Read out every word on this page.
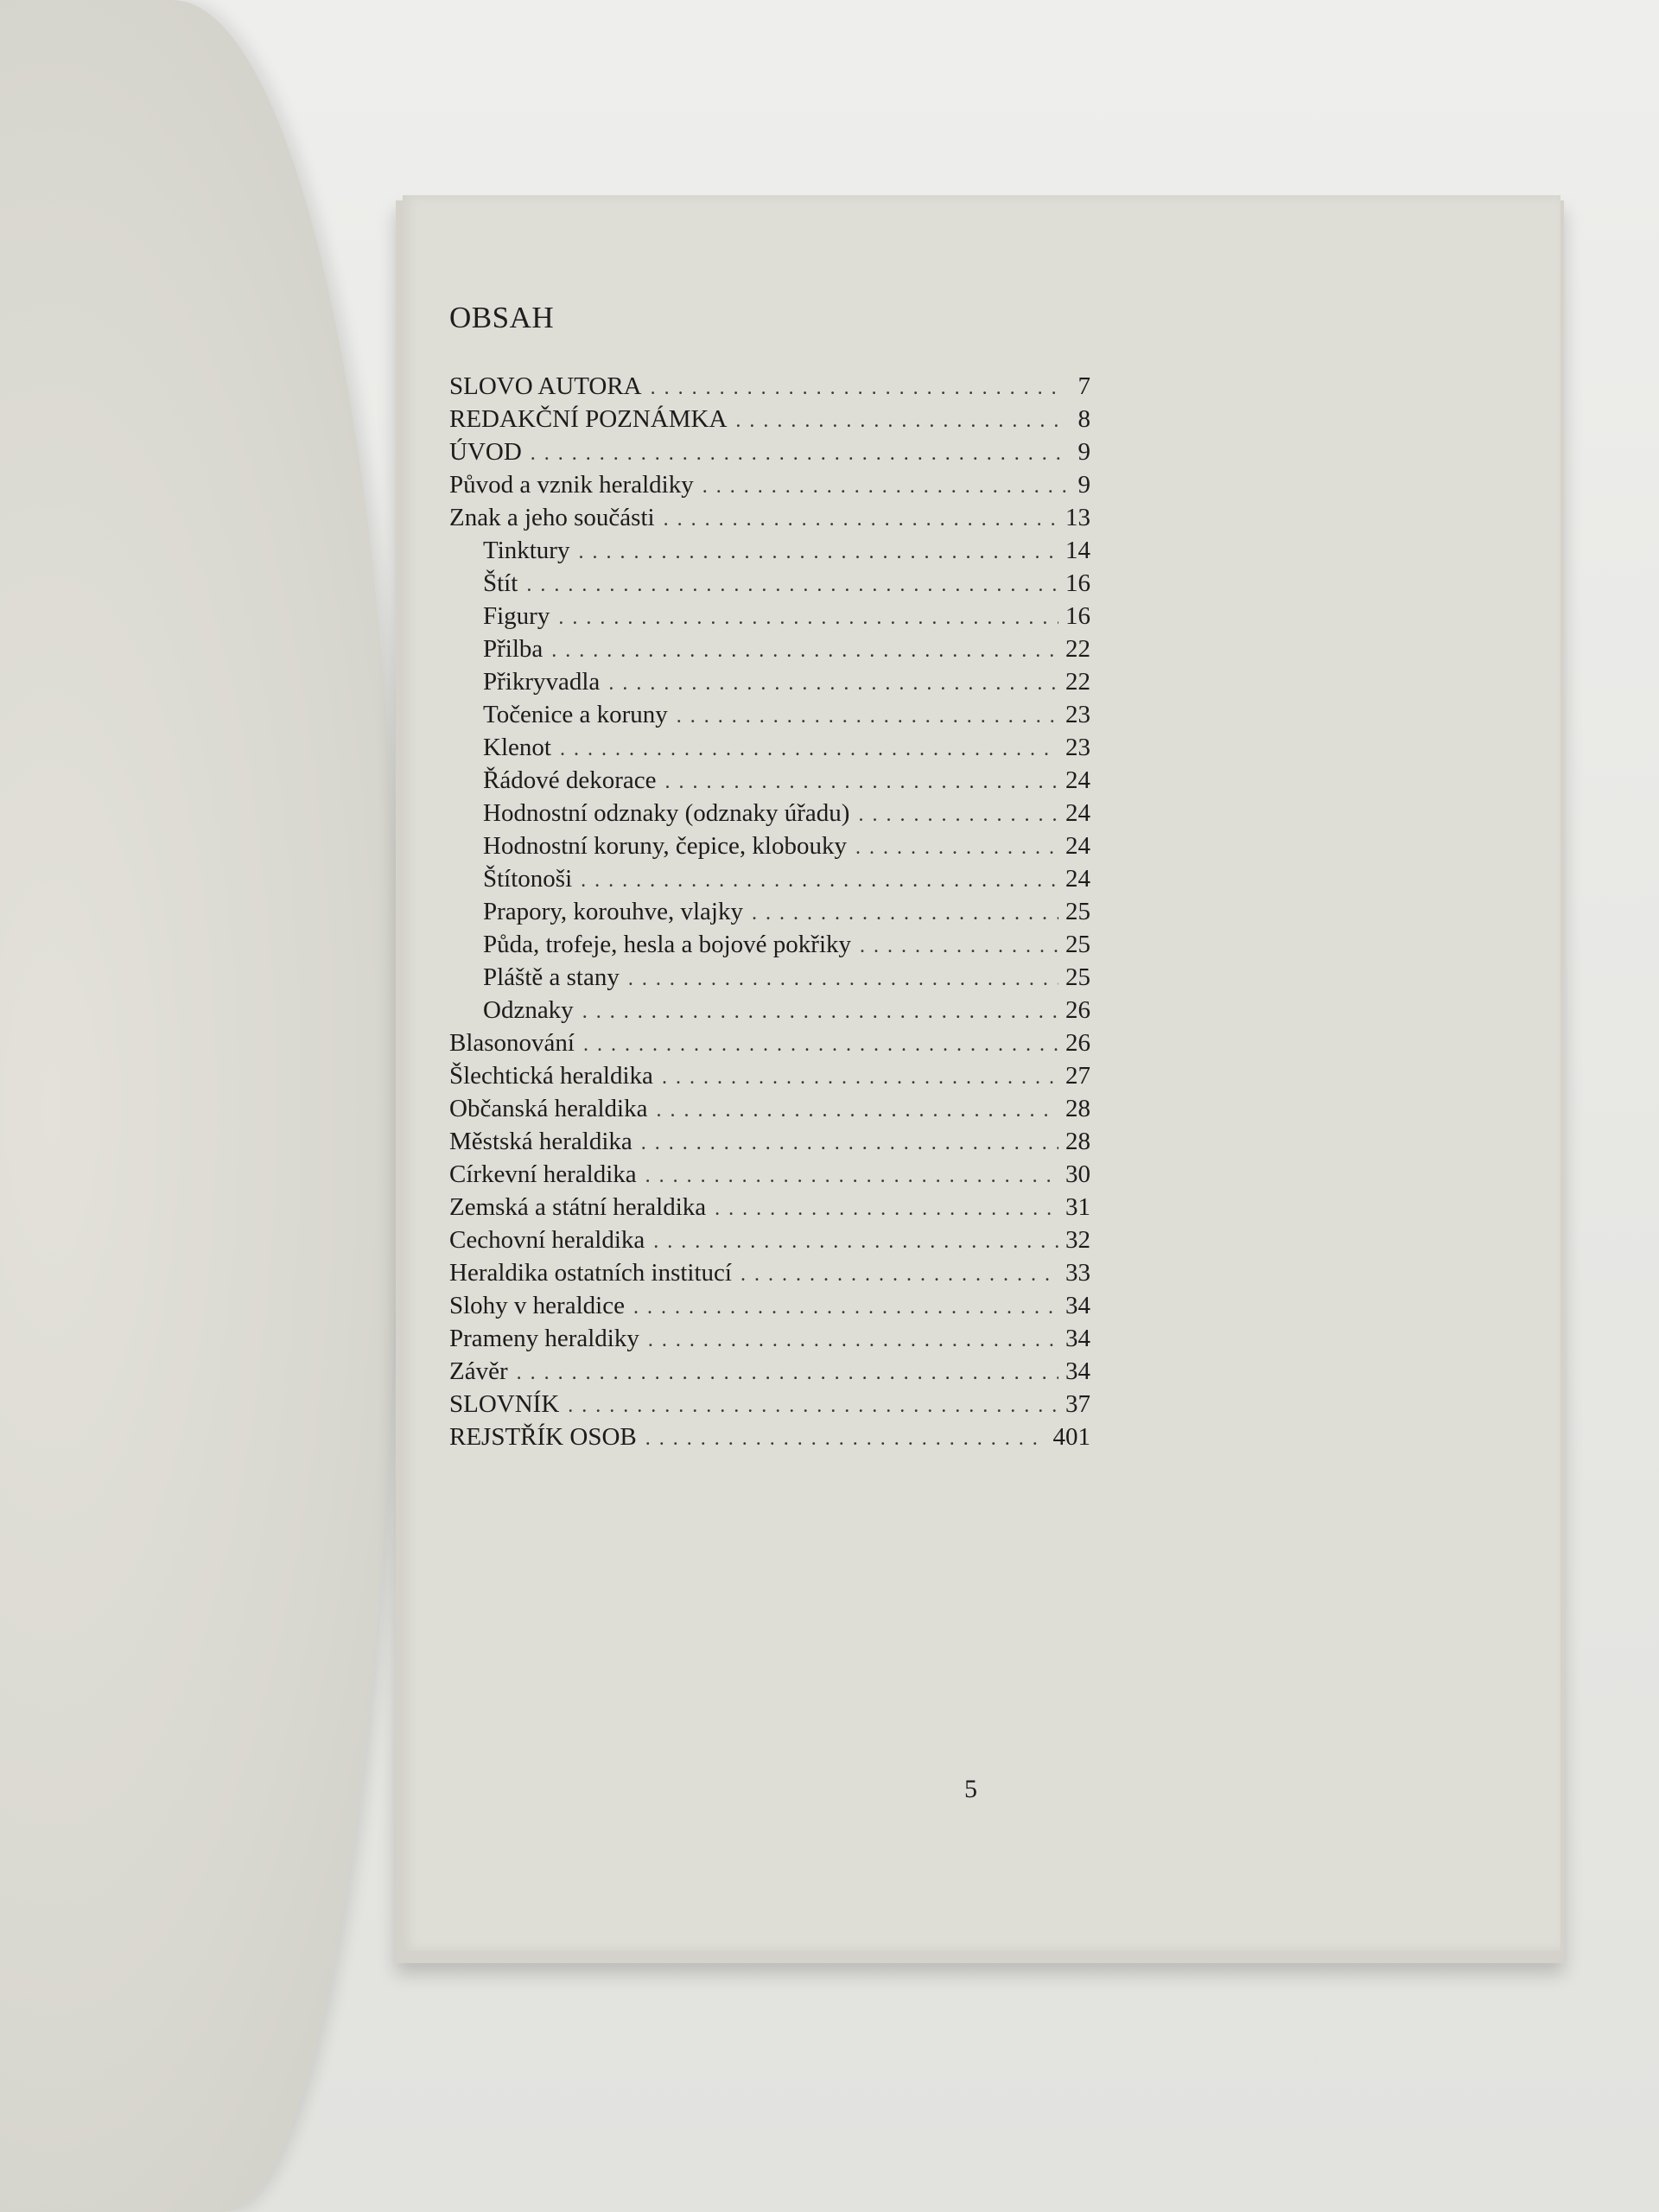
OBSAH
SLOVO AUTORA . . .	7
REDAKČNÍ POZNÁMKA . . .	8
ÚVOD . . .	9
Původ a vznik heraldiky . . .	9
Znak a jeho součásti . . .	13
Tinktury . . .	14
Štít . . .	16
Figury . . .	16
Přilba . . .	22
Přikryvadla . . .	22
Točenice a koruny . . .	23
Klenot . . .	23
Řádové dekorace . . .	24
Hodnostní odznaky (odznaky úřadu) . . .	24
Hodnostní koruny, čepice, klobouky . . .	24
Štítonoši . . .	24
Prapory, korouhve, vlajky . . .	25
Půda, trofeje, hesla a bojové pokřiky . . .	25
Pláště a stany . . .	25
Odznaky . . .	26
Blasonování . . .	26
Šlechtická heraldika . . .	27
Občanská heraldika . . .	28
Městská heraldika . . .	28
Církevní heraldika . . .	30
Zemská a státní heraldika . . .	31
Cechovní heraldika . . .	32
Heraldika ostatních institucí . . .	33
Slohy v heraldice . . .	34
Prameny heraldiky . . .	34
Závěr . . .	34
SLOVNÍK . . .	37
REJSTŘÍK OSOB . . .	401
5
